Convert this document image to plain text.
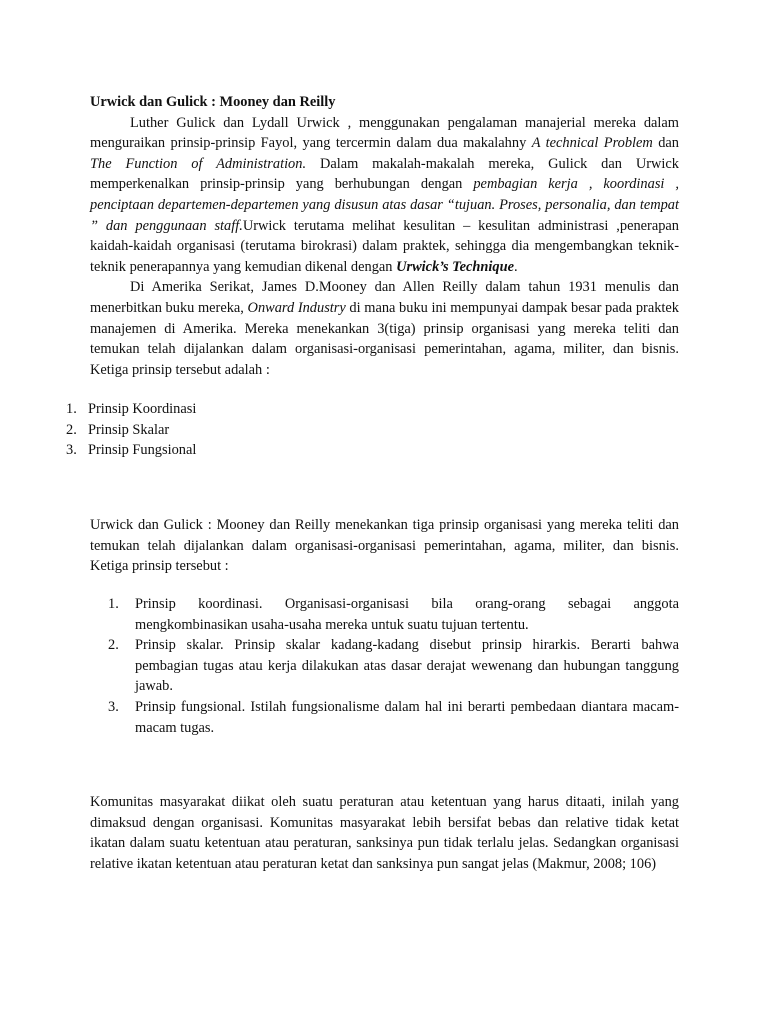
Urwick dan Gulick : Mooney dan Reilly

Luther Gulick dan Lydall Urwick , menggunakan pengalaman manajerial mereka dalam menguraikan prinsip-prinsip Fayol, yang tercermin dalam dua makalahny A technical Problem dan The Function of Administration. Dalam makalah-makalah mereka, Gulick dan Urwick memperkenalkan prinsip-prinsip yang berhubungan dengan pembagian kerja , koordinasi , penciptaan departemen-departemen yang disusun atas dasar “tujuan. Proses, personalia, dan tempat ” dan penggunaan staff.Urwick terutama melihat kesulitan – kesulitan administrasi ,penerapan kaidah-kaidah organisasi (terutama birokrasi) dalam praktek, sehingga dia mengembangkan teknik-teknik penerapannya yang kemudian dikenal dengan Urwick’s Technique.

Di Amerika Serikat, James D.Mooney dan Allen Reilly dalam tahun 1931 menulis dan menerbitkan buku mereka, Onward Industry di mana buku ini mempunyai dampak besar pada praktek manajemen di Amerika. Mereka menekankan 3(tiga) prinsip organisasi yang mereka teliti dan temukan telah dijalankan dalam organisasi-organisasi pemerintahan, agama, militer, dan bisnis. Ketiga prinsip tersebut adalah :

1. Prinsip Koordinasi
2. Prinsip Skalar
3. Prinsip Fungsional

Urwick dan Gulick : Mooney dan Reilly menekankan tiga prinsip organisasi yang mereka teliti dan temukan telah dijalankan dalam organisasi-organisasi pemerintahan, agama, militer, dan bisnis. Ketiga prinsip tersebut :

1.	Prinsip koordinasi. Organisasi-organisasi bila orang-orang sebagai anggota mengkombinasikan usaha-usaha mereka untuk suatu tujuan tertentu.
2.	Prinsip skalar. Prinsip skalar kadang-kadang disebut prinsip hirarkis. Berarti bahwa pembagian tugas atau kerja dilakukan atas dasar derajat wewenang dan hubungan tanggung jawab.
3.	Prinsip fungsional. Istilah fungsionalisme dalam hal ini berarti pembedaan diantara macam-macam tugas.

Komunitas masyarakat diikat oleh suatu peraturan atau ketentuan yang harus ditaati, inilah yang dimaksud dengan organisasi. Komunitas masyarakat lebih bersifat bebas dan relative tidak ketat ikatan dalam suatu ketentuan atau peraturan, sanksinya pun tidak terlalu jelas. Sedangkan organisasi relative ikatan ketentuan atau peraturan ketat dan sanksinya pun sangat jelas (Makmur, 2008; 106)
